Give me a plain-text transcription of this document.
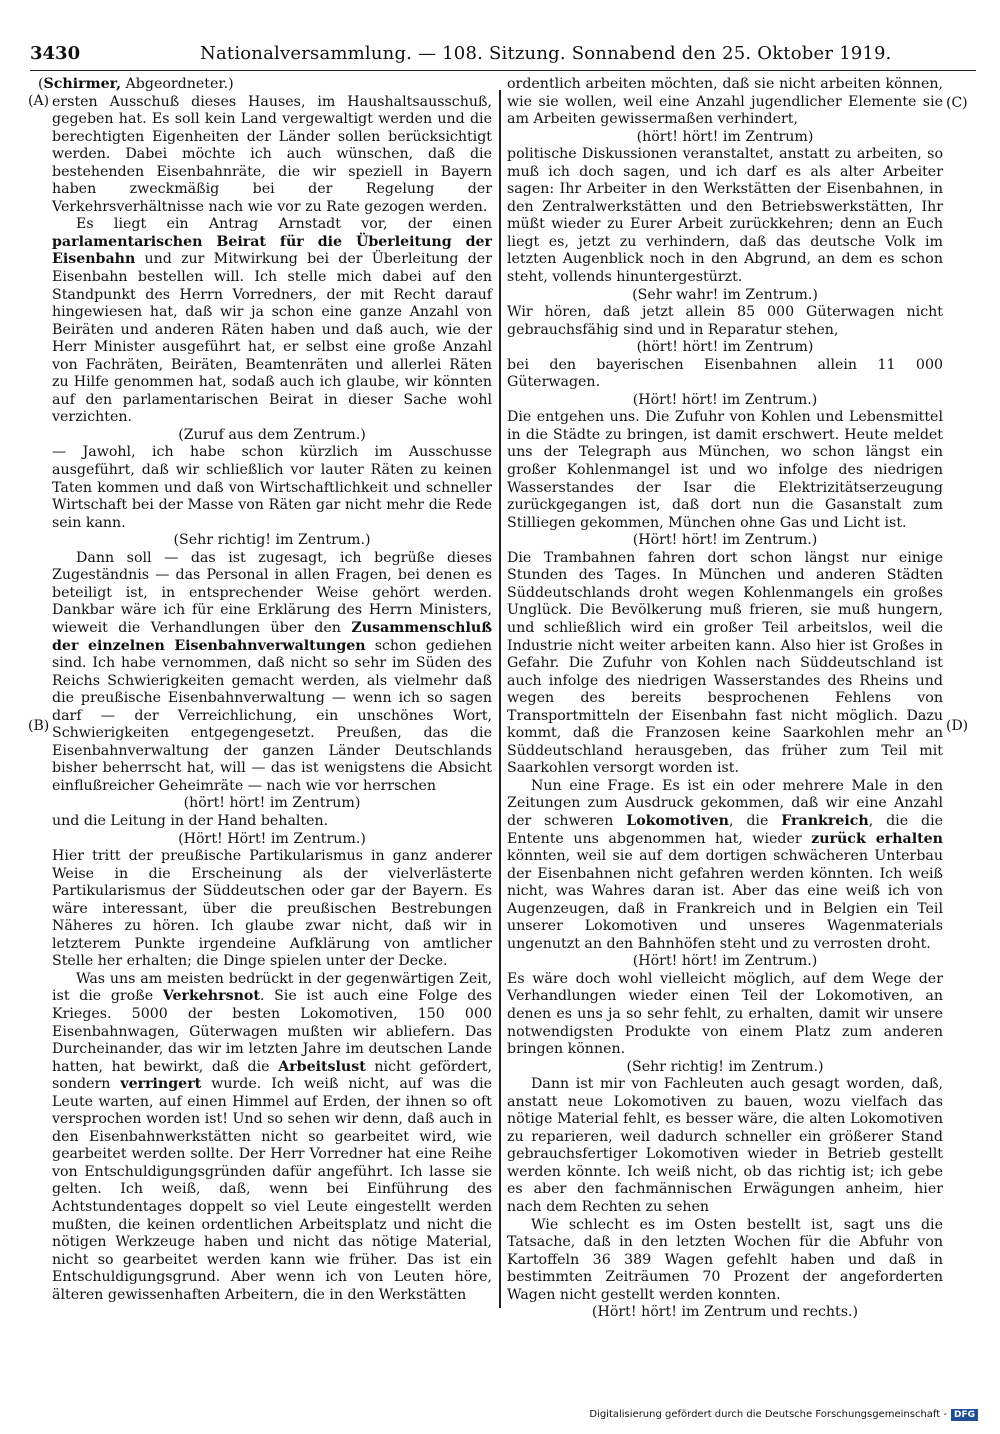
3430	Nationalversammlung. — 108. Sitzung. Sonnabend den 25. Oktober 1919.
(A)
(B)
(C)
(D)

(Schirmer, Abgeordneter.)

ersten Ausschuß dieses Hauses, im Haushaltsausschuß, gegeben hat. Es soll kein Land vergewaltigt werden und die berechtigten Eigenheiten der Länder sollen berücksichtigt werden. Dabei möchte ich auch wünschen, daß die bestehenden Eisenbahnräte, die wir speziell in Bayern haben zweckmäßig bei der Regelung der Verkehrsverhältnisse nach wie vor zu Rate gezogen werden.

Es liegt ein Antrag Arnstadt vor, der einen parlamentarischen Beirat für die Überleitung der Eisenbahn und zur Mitwirkung bei der Überleitung der Eisenbahn bestellen will. Ich stelle mich dabei auf den Standpunkt des Herrn Vorredners, der mit Recht darauf hingewiesen hat, daß wir ja schon eine ganze Anzahl von Beiräten und anderen Räten haben und daß auch, wie der Herr Minister ausgeführt hat, er selbst eine große Anzahl von Fachräten, Beiräten, Beamtenräten und allerlei Räten zu Hilfe genommen hat, sodaß auch ich glaube, wir könnten auf den parlamentarischen Beirat in dieser Sache wohl verzichten.

(Zuruf aus dem Zentrum.)

— Jawohl, ich habe schon kürzlich im Ausschusse ausgeführt, daß wir schließlich vor lauter Räten zu keinen Taten kommen und daß von Wirtschaftlichkeit und schneller Wirtschaft bei der Masse von Räten gar nicht mehr die Rede sein kann.

(Sehr richtig! im Zentrum.)

Dann soll — das ist zugesagt, ich begrüße dieses Zugeständnis — das Personal in allen Fragen, bei denen es beteiligt ist, in entsprechender Weise gehört werden. Dankbar wäre ich für eine Erklärung des Herrn Ministers, wieweit die Verhandlungen über den Zusammenschluß der einzelnen Eisenbahnverwaltungen schon gediehen sind. Ich habe vernommen, daß nicht so sehr im Süden des Reichs Schwierigkeiten gemacht werden, als vielmehr daß die preußische Eisenbahnverwaltung — wenn ich so sagen darf — der Verreichlichung, ein unschönes Wort, Schwierigkeiten entgegengesetzt. Preußen, das die Eisenbahnverwaltung der ganzen Länder Deutschlands bisher beherrscht hat, will — das ist wenigstens die Absicht einflußreicher Geheimräte — nach wie vor herrschen

(hört! hört! im Zentrum)

und die Leitung in der Hand behalten.

(Hört! Hört! im Zentrum.)

Hier tritt der preußische Partikularismus in ganz anderer Weise in die Erscheinung als der vielverlästerte Partikularismus der Süddeutschen oder gar der Bayern. Es wäre interessant, über die preußischen Bestrebungen Näheres zu hören. Ich glaube zwar nicht, daß wir in letzterem Punkte irgendeine Aufklärung von amtlicher Stelle her erhalten; die Dinge spielen unter der Decke.

Was uns am meisten bedrückt in der gegenwärtigen Zeit, ist die große Verkehrsnot. Sie ist auch eine Folge des Krieges. 5000 der besten Lokomotiven, 150 000 Eisenbahnwagen, Güterwagen mußten wir abliefern. Das Durcheinander, das wir im letzten Jahre im deutschen Lande hatten, hat bewirkt, daß die Arbeitslust nicht gefördert, sondern verringert wurde. Ich weiß nicht, auf was die Leute warten, auf einen Himmel auf Erden, der ihnen so oft versprochen worden ist! Und so sehen wir denn, daß auch in den Eisenbahnwerkstätten nicht so gearbeitet wird, wie gearbeitet werden sollte. Der Herr Vorredner hat eine Reihe von Entschuldigungsgründen dafür angeführt. Ich lasse sie gelten. Ich weiß, daß, wenn bei Einführung des Achtstundentages doppelt so viel Leute eingestellt werden mußten, die keinen ordentlichen Arbeitsplatz und nicht die nötigen Werkzeuge haben und nicht das nötige Material, nicht so gearbeitet werden kann wie früher. Das ist ein Entschuldigungsgrund. Aber wenn ich von Leuten höre, älteren gewissenhaften Arbeitern, die in den Werkstätten

ordentlich arbeiten möchten, daß sie nicht arbeiten können, wie sie wollen, weil eine Anzahl jugendlicher Elemente sie am Arbeiten gewissermaßen verhindert,

(hört! hört! im Zentrum)

politische Diskussionen veranstaltet, anstatt zu arbeiten, so muß ich doch sagen, und ich darf es als alter Arbeiter sagen: Ihr Arbeiter in den Werkstätten der Eisenbahnen, in den Zentralwerkstätten und den Betriebswerkstätten, Ihr müßt wieder zu Eurer Arbeit zurückkehren; denn an Euch liegt es, jetzt zu verhindern, daß das deutsche Volk im letzten Augenblick noch in den Abgrund, an dem es schon steht, vollends hinuntergestürzt.

(Sehr wahr! im Zentrum.)

Wir hören, daß jetzt allein 85 000 Güterwagen nicht gebrauchsfähig sind und in Reparatur stehen,

(hört! hört! im Zentrum)

bei den bayerischen Eisenbahnen allein 11 000 Güterwagen.

(Hört! hört! im Zentrum.)

Die entgehen uns. Die Zufuhr von Kohlen und Lebensmittel in die Städte zu bringen, ist damit erschwert. Heute meldet uns der Telegraph aus München, wo schon längst ein großer Kohlenmangel ist und wo infolge des niedrigen Wasserstandes der Isar die Elektrizitätserzeugung zurückgegangen ist, daß dort nun die Gasanstalt zum Stilliegen gekommen, München ohne Gas und Licht ist.

(Hört! hört! im Zentrum.)

Die Trambahnen fahren dort schon längst nur einige Stunden des Tages. In München und anderen Städten Süddeutschlands droht wegen Kohlenmangels ein großes Unglück. Die Bevölkerung muß frieren, sie muß hungern, und schließlich wird ein großer Teil arbeitslos, weil die Industrie nicht weiter arbeiten kann. Also hier ist Großes in Gefahr. Die Zufuhr von Kohlen nach Süddeutschland ist auch infolge des niedrigen Wasserstandes des Rheins und wegen des bereits besprochenen Fehlens von Transportmitteln der Eisenbahn fast nicht möglich. Dazu kommt, daß die Franzosen keine Saarkohlen mehr an Süddeutschland herausgeben, das früher zum Teil mit Saarkohlen versorgt worden ist.

Nun eine Frage. Es ist ein oder mehrere Male in den Zeitungen zum Ausdruck gekommen, daß wir eine Anzahl der schweren Lokomotiven, die Frankreich, die die Entente uns abgenommen hat, wieder zurück erhalten könnten, weil sie auf dem dortigen schwächeren Unterbau der Eisenbahnen nicht gefahren werden könnten. Ich weiß nicht, was Wahres daran ist. Aber das eine weiß ich von Augenzeugen, daß in Frankreich und in Belgien ein Teil unserer Lokomotiven und unseres Wagenmaterials ungenutzt an den Bahnhöfen steht und zu verrosten droht.

(Hört! hört! im Zentrum.)

Es wäre doch wohl vielleicht möglich, auf dem Wege der Verhandlungen wieder einen Teil der Lokomotiven, an denen es uns ja so sehr fehlt, zu erhalten, damit wir unsere notwendigsten Produkte von einem Platz zum anderen bringen können.

(Sehr richtig! im Zentrum.)

Dann ist mir von Fachleuten auch gesagt worden, daß, anstatt neue Lokomotiven zu bauen, wozu vielfach das nötige Material fehlt, es besser wäre, die alten Lokomotiven zu reparieren, weil dadurch schneller ein größerer Stand gebrauchsfertiger Lokomotiven wieder in Betrieb gestellt werden könnte. Ich weiß nicht, ob das richtig ist; ich gebe es aber den fachmännischen Erwägungen anheim, hier nach dem Rechten zu sehen

Wie schlecht es im Osten bestellt ist, sagt uns die Tatsache, daß in den letzten Wochen für die Abfuhr von Kartoffeln 36 389 Wagen gefehlt haben und daß in bestimmten Zeiträumen 70 Prozent der angeforderten Wagen nicht gestellt werden konnten.

(Hört! hört! im Zentrum und rechts.)

Digitalisierung gefördert durch die Deutsche Forschungsgemeinschaft - DFG
